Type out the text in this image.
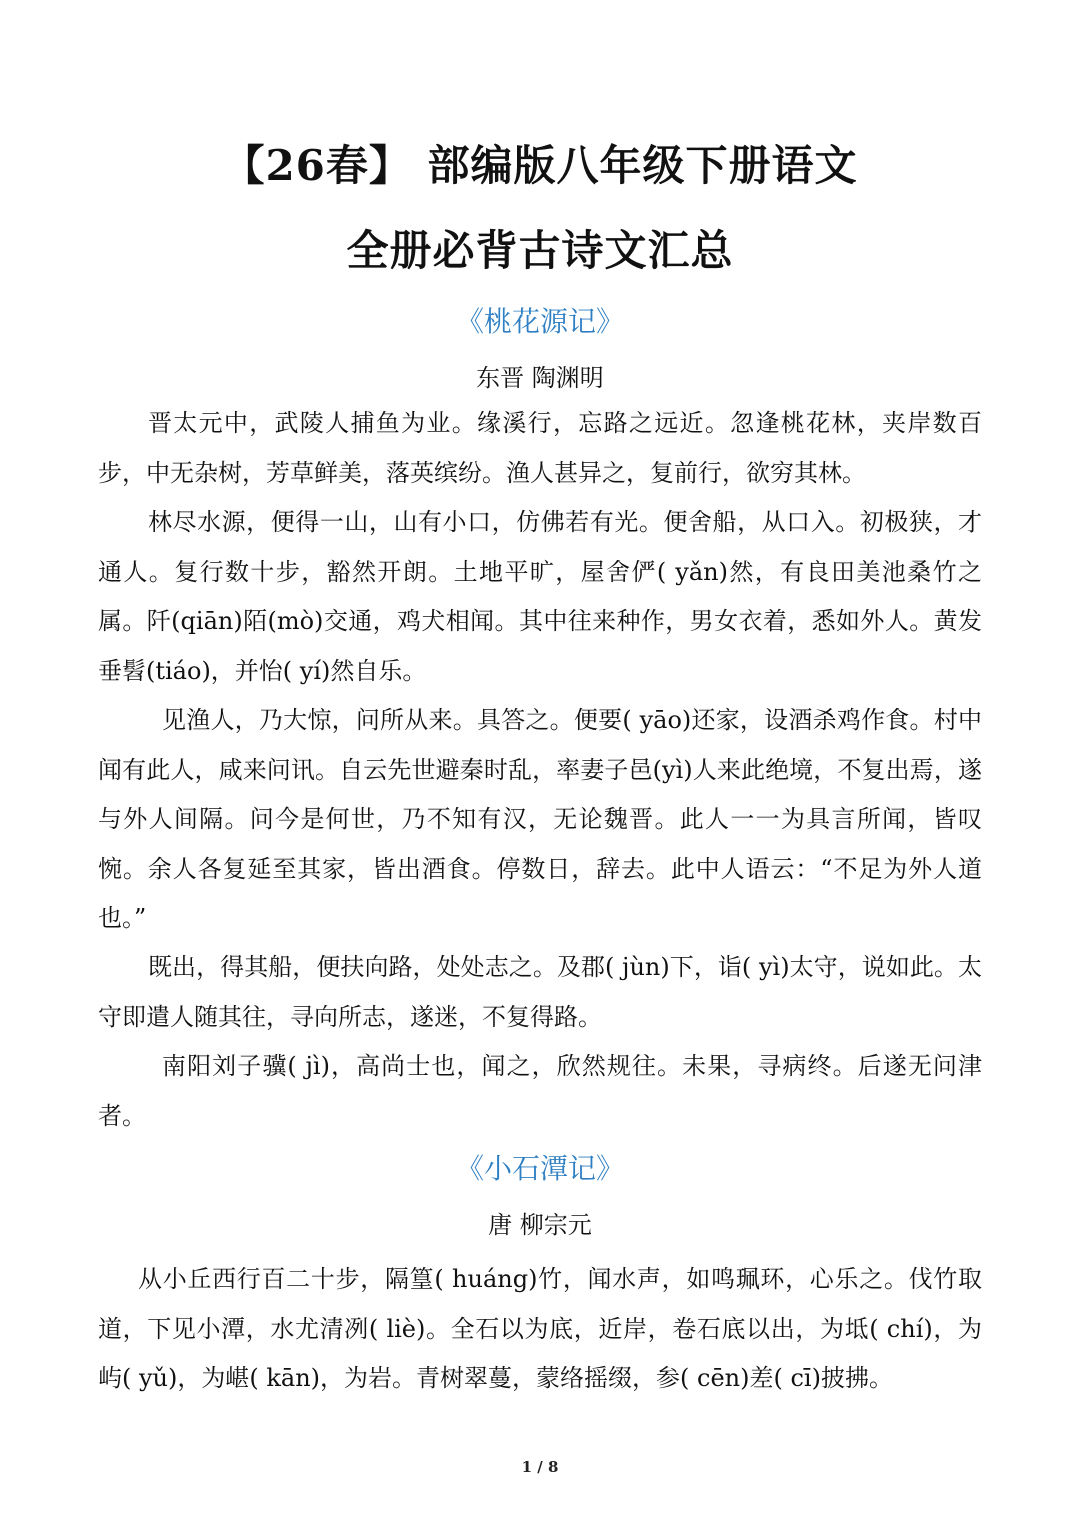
【26春】 部编版八年级下册语文
全册必背古诗文汇总
《桃花源记》
东晋 陶渊明

晋太元中，武陵人捕鱼为业。缘溪行，忘路之远近。忽逢桃花林，夹岸数百步，中无杂树，芳草鲜美，落英缤纷。渔人甚异之，复前行，欲穷其林。

林尽水源，便得一山，山有小口，仿佛若有光。便舍船，从口入。初极狭，才通人。复行数十步，豁然开朗。土地平旷，屋舍俨( yǎn)然，有良田美池桑竹之属。阡(qiān)陌(mò)交通，鸡犬相闻。其中往来种作，男女衣着，悉如外人。黄发垂髫(tiáo)，并怡( yí)然自乐。

见渔人，乃大惊，问所从来。具答之。便要( yāo)还家，设酒杀鸡作食。村中闻有此人，咸来问讯。自云先世避秦时乱，率妻子邑(yì)人来此绝境，不复出焉，遂与外人间隔。问今是何世，乃不知有汉，无论魏晋。此人一一为具言所闻，皆叹惋。余人各复延至其家，皆出酒食。停数日，辞去。此中人语云：“不足为外人道也。”

既出，得其船，便扶向路，处处志之。及郡( jùn)下，诣( yì)太守，说如此。太守即遣人随其往，寻向所志，遂迷，不复得路。

南阳刘子骥( jì)，高尚士也，闻之，欣然规往。未果，寻病终。后遂无问津者。

《小石潭记》
唐 柳宗元

从小丘西行百二十步，隔篁( huáng)竹，闻水声，如鸣珮环，心乐之。伐竹取道，下见小潭，水尤清冽( liè)。全石以为底，近岸，卷石底以出，为坻( chí)，为屿( yǔ)，为嵁( kān)，为岩。青树翠蔓，蒙络摇缀，参( cēn)差( cī)披拂。

1 / 8
